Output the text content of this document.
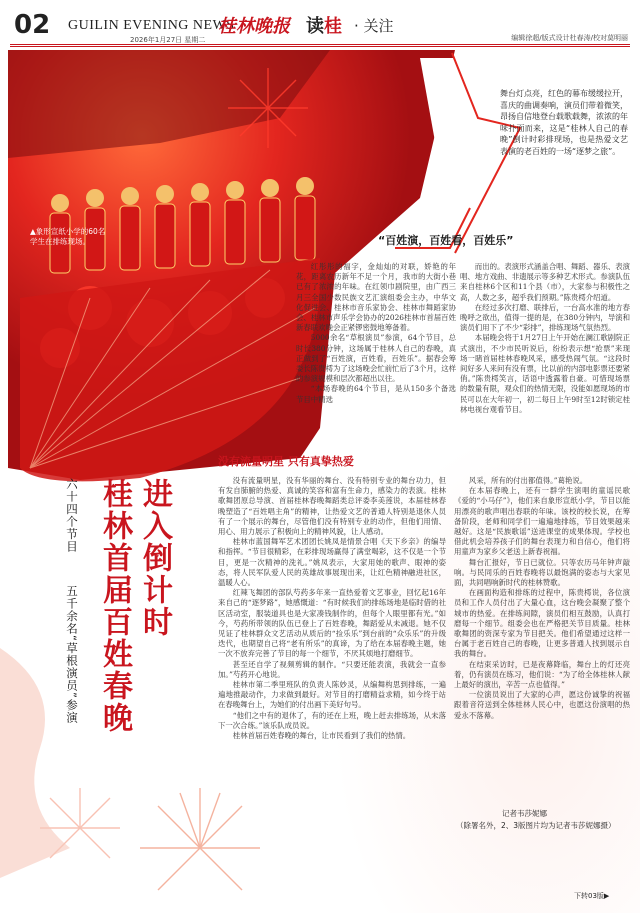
02 GUILIN EVENING NEWS
2026年1月27日 星期二
桂林晚报 读桂 · 关注
编辑徐超/版式设计杜春涛/校对莫明丽
舞台灯点亮，红色的幕布缓缓拉开，喜庆的曲调奏响，演员们带着微笑，昂扬自信地登台载歌载舞，浓浓的年味扑面而来，这是“桂林人自己的春晚”倒计时彩排现场，也是热爱文艺表演的老百姓的一场“逐梦之旅”。
▲象形宣纸小学的60名学生在排练现场。	“百姓演，百姓看，百姓乐”
没有流量明星 只有真挚热爱

红彤彤的福字，金灿灿的对联，娇艳的年花，距离农历新年不足一个月，我市的大街小巷已有了浓浓的年味。在红领巾剧院里，由广西三月三全国少数民族文艺汇演组委会主办，中华文化促进会、桂林市音乐家协会、桂林市舞蹈家协会、桂林市声乐学会协办的2026桂林市首届百姓新春联欢晚会正紧锣密鼓地筹备着。

5000余名“草根演员”参演，64个节目，总时长380分钟，这场属于桂林人自己的春晚，真正做到了“百姓演，百姓看，百姓乐”。据春会筹委长陈贵樗为了这场晚会忙前忙后了3个月，这样的参演规模和层次都超出以往。

“本场春晚的64个节目，是从150多个备选节目中精选

而出的。表演形式涵盖合唱、舞蹈、器乐、表演唱、地方戏曲、非遗展示等多种艺术形式。参演队伍来自桂林6个区和11个县（市），大家参与积极性之高，人数之多，超乎我们预期。”陈贵樗介绍道。

在经过多次打磨、联排后，一台高水准的地方春晚呼之欲出，值得一提的是，在380分钟内，导演和演员们用下了不少“彩排”，排练现场气氛热烈。

本届晚会将于1月27日上午开始在澜江歌剧院正式演出，不少市民听说后，纷纷表示想“抢票”来现场一睹首届桂林春晚风采，感受热闹气氛。“这段时间好多人来问有没有票，比以前的内部电影票还要紧俏。”陈贵樗笑言，话语中透露着自豪。可惜现场票的数量有限，观众们的热情无限，没能如愿现场的市民可以在大年初一，初二每日上午9时至12时锁定桂林电视台观看节目。

没有流量明星，没有华丽的舞台、没有特别专业的舞台功力，但有发自肺腑的热爱、真诚的笑容和富有生命力，感染力的表演。桂林歌舞团原总导演、首届桂林春晚舞蹈类总评委李美莲说，本届桂林春晚塑造了“百姓唱主角”的精神，让热爱文艺的普通人特别是退休人员有了一个展示的舞台，尽管他们没有特别专业的动作，但他们用情、用心、用力展示了积极向上的精神风貌，让人感动。

桂林市蓝国舞军艺术团团长姚凤是情景合唱《天下乡亲》的编导和指挥。“节目很精彩，在彩排现场赢得了满堂喝彩，这不仅是一个节目，更是一次精神的洗礼。”姚凤表示，大家用她的歌声、眼神的姿态，将人民军队爱人民的英雄故事展现出来，让红色精神融进社区，温暖人心。

红辣飞舞团的部队芍药多年来一直热爱着文艺事业，回忆起16年来自己的“逐梦路”，她感慨道：“有时候我们的排练场地是临时借的社区活动室，服装道具也是大家凑钱制作的，但每个人眼里都有光。”如今，芍药所带领的队伍已登上了百姓春晚，舞蹈爱从未减退。她不仅见证了桂林群众文艺活动从质后的“捡乐乐”到台前的“众乐乐”的升级迭代，也期望自己将“老有所乐”的真谛，为了给在本届春晚主题，她一次不放弃完善了节目的每一个细节，不厌其烦地打磨细节。

甚至还自学了视频剪辑的制作。“只要还能表演，我就会一直参加。”芍药开心地说。

桂林市第二季里班队的负责人陈妙灵，从编舞构思到排练，一遍遍地推敲动作，力求做到最好。对节目的打磨精益求精，如今终于站在春晚舞台上，为她们的付出画下美好句号。

“他们之中有的退休了，有的还在上班，晚上赶去排练场，从未落下一次合练。”该乐队成员说。

桂林首届百姓春晚的舞台，让市民看到了我们的热情。

风采，所有的付出都值得。”葛艳说。

在本届春晚上，还有一群学生演唱的童谣民歌《爱的“小马仔”》，他们来自象形宣纸小学，节目以能用漂亮的歌声唱出春联的年味。该校的校长说，在筹备阶段，老师和同学们一遍遍地排练，节目效果越来越好。这是“民族歌谣”送进课堂的成果体现。学校也借此机会培养孩子们的舞台表现力和自信心，他们将用童声为家乡父老送上新春祝福。

舞台汇报好，节日已就位。只等农历马年钟声敲响。与民同乐的百姓春晚将以最饱满的姿态与大家见面，共同唱响新时代的桂林赞歌。

在画面构造和排练的过程中，陈贵樗说，各位演员和工作人员付出了大量心血，这台晚会凝聚了整个城市的热爱。在排练间隙，演员们相互鼓励，认真打磨每一个细节。组委会也在严格把关节目质量。桂林歌舞团的资深专家为节目把关。他们希望通过这样一台属于老百姓自己的春晚，让更多普通人找到展示自我的舞台。

在结束采访时，已是夜幕降临，舞台上的灯还亮着，仍有演员在练习，他们说：“为了给全体桂林人献上最好的演出，辛苦一点也值得。”

一位演员说出了大家的心声，愿这份诚挚的祝福跟着音符送到全体桂林人民心中，也愿这份演唱的热爱永不落幕。

进入倒计时
桂林首届百姓春晚
六十四个节目
五千余名“草根演员”参演
记者韦莎妮娜
（除署名外，2、3版图片均为记者韦莎妮娜摄）
下转03版▶
